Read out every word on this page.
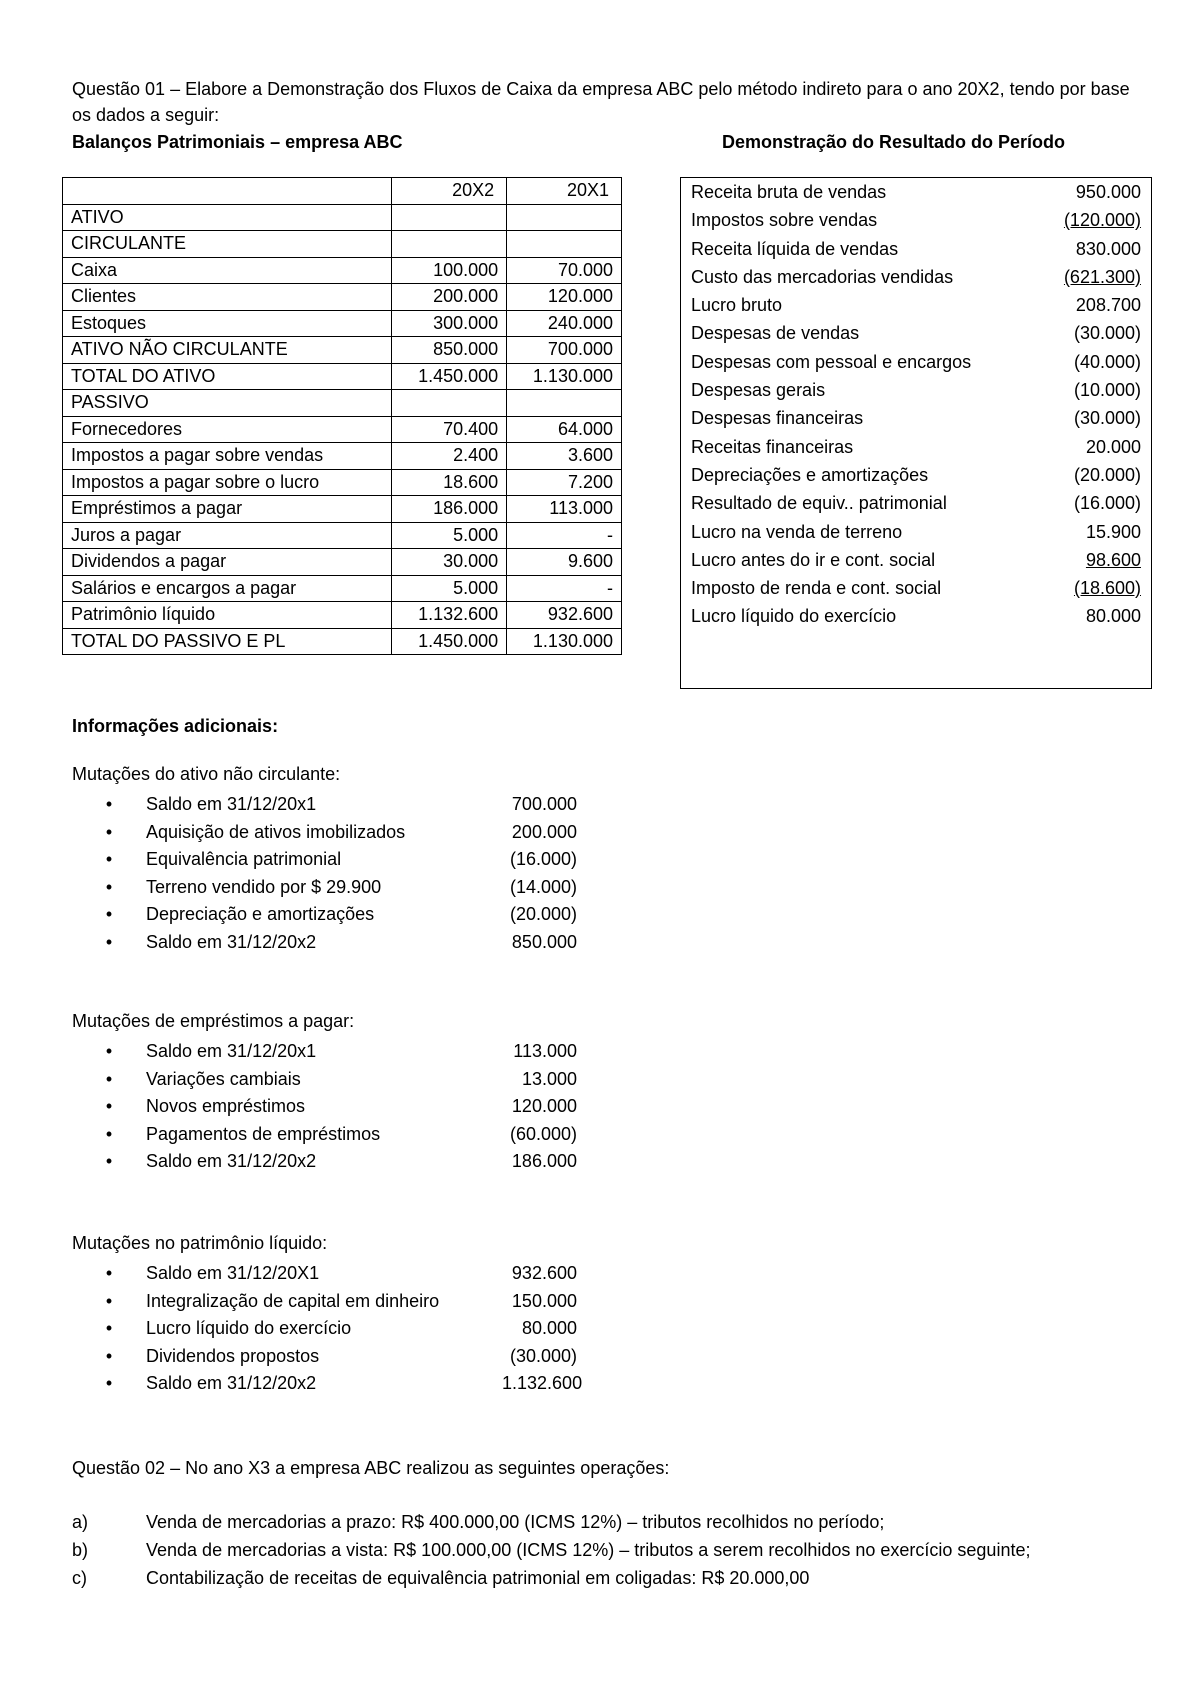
Questão 01 – Elabore a Demonstração dos Fluxos de Caixa da empresa ABC pelo método indireto para o ano 20X2, tendo por base os dados a seguir:
Balanços Patrimoniais – empresa ABC	Demonstração do Resultado do Período
	20X2	20X1
ATIVO		
CIRCULANTE		
Caixa	100.000	70.000
Clientes	200.000	120.000
Estoques	300.000	240.000
ATIVO NÃO CIRCULANTE	850.000	700.000
TOTAL DO ATIVO	1.450.000	1.130.000
PASSIVO		
Fornecedores	70.400	64.000
Impostos a pagar sobre vendas	2.400	3.600
Impostos a pagar sobre o lucro	18.600	7.200
Empréstimos a pagar	186.000	113.000
Juros a pagar	5.000	-
Dividendos a pagar	30.000	9.600
Salários e encargos a pagar	5.000	-
Patrimônio líquido	1.132.600	932.600
TOTAL DO PASSIVO E PL	1.450.000	1.130.000
Receita bruta de vendas	950.000
Impostos sobre vendas	(120.000)
Receita líquida de vendas	830.000
Custo das mercadorias vendidas	(621.300)
Lucro bruto	208.700
Despesas de vendas	(30.000)
Despesas com pessoal e encargos	(40.000)
Despesas gerais	(10.000)
Despesas financeiras	(30.000)
Receitas financeiras	20.000
Depreciações e amortizações	(20.000)
Resultado de equiv.. patrimonial	(16.000)
Lucro na venda de terreno	15.900
Lucro antes do ir e cont. social	98.600
Imposto de renda e cont. social	(18.600)
Lucro líquido do exercício	80.000
Informações adicionais:
Mutações do ativo não circulante:
•	Saldo em 31/12/20x1	700.000
•	Aquisição de ativos imobilizados	200.000
•	Equivalência patrimonial	(16.000)
•	Terreno vendido por $ 29.900	(14.000)
•	Depreciação e amortizações	(20.000)
•	Saldo em 31/12/20x2	850.000
Mutações de empréstimos a pagar:
•	Saldo em 31/12/20x1	113.000
•	Variações cambiais	13.000
•	Novos empréstimos	120.000
•	Pagamentos de empréstimos	(60.000)
•	Saldo em 31/12/20x2	186.000
Mutações no patrimônio líquido:
•	Saldo em 31/12/20X1	932.600
•	Integralização de capital em dinheiro	150.000
•	Lucro líquido do exercício	80.000
•	Dividendos propostos	(30.000)
•	Saldo em 31/12/20x2	1.132.600
Questão 02 – No ano X3 a empresa ABC realizou as seguintes operações:
a)	Venda de mercadorias a prazo: R$ 400.000,00 (ICMS 12%) – tributos recolhidos no período;
b)	Venda de mercadorias a vista: R$ 100.000,00 (ICMS 12%) – tributos a serem recolhidos no exercício seguinte;
c)	Contabilização de receitas de equivalência patrimonial em coligadas: R$ 20.000,00
